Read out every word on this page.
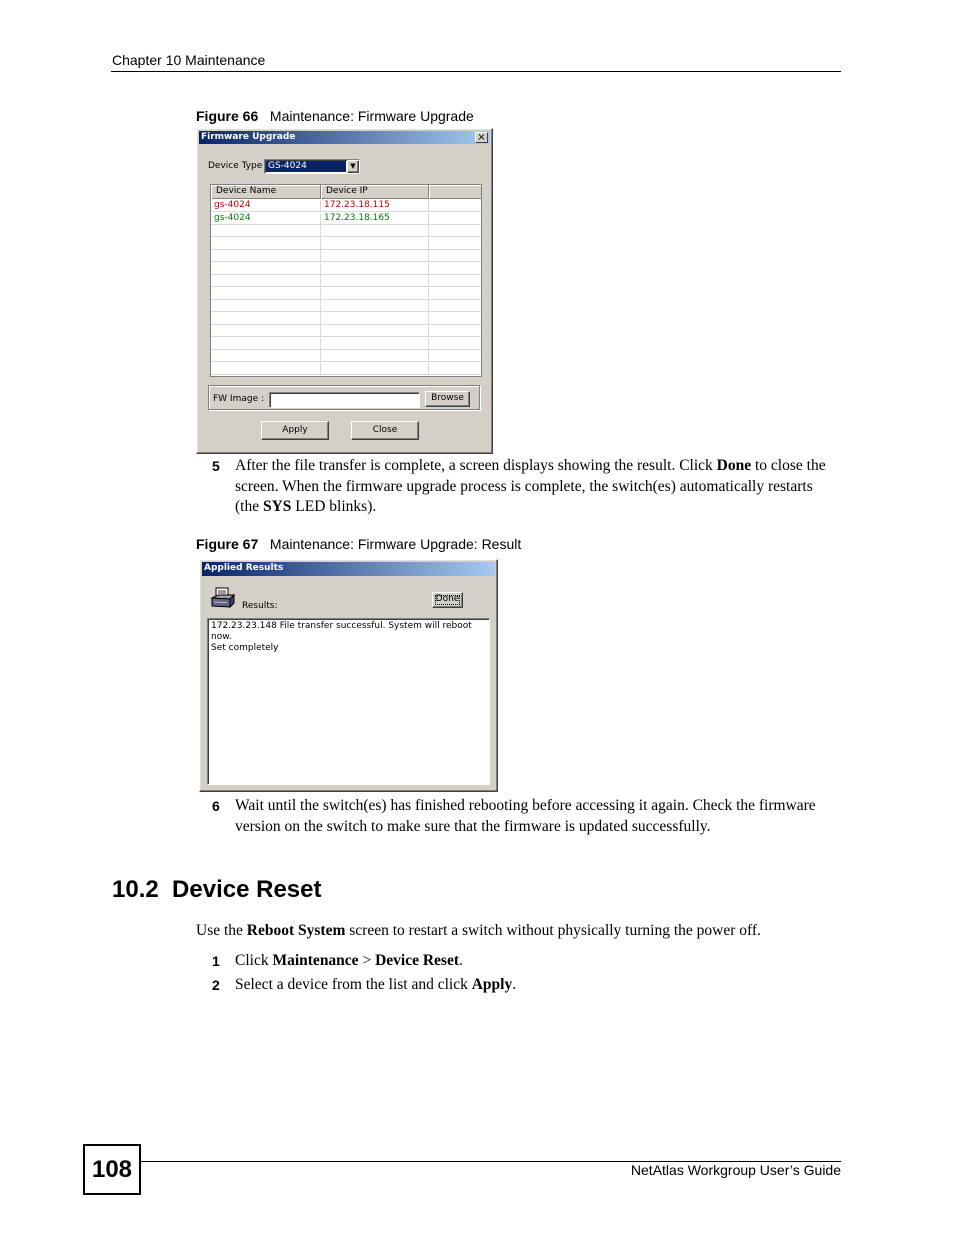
Chapter 10 Maintenance
Figure 66 Maintenance: Firmware Upgrade
Firmware Upgrade	×
Device Type GS-4024	▼
Device Name	Device IP
gs-4024	172.23.18.115
gs-4024	172.23.18.165
FW Image :	Browse
Apply	Close
5 After the file transfer is complete, a screen displays showing the result. Click Done to close the screen. When the firmware upgrade process is complete, the switch(es) automatically restarts (the SYS LED blinks).
Figure 67 Maintenance: Firmware Upgrade: Result
Applied Results
Results:
Done
172.23.23.148 File transfer successful. System will reboot now.
Set completely
6 Wait until the switch(es) has finished rebooting before accessing it again. Check the firmware version on the switch to make sure that the firmware is updated successfully.
10.2  Device Reset
Use the Reboot System screen to restart a switch without physically turning the power off.
1 Click Maintenance > Device Reset.
2 Select a device from the list and click Apply.
108	NetAtlas Workgroup User’s Guide
